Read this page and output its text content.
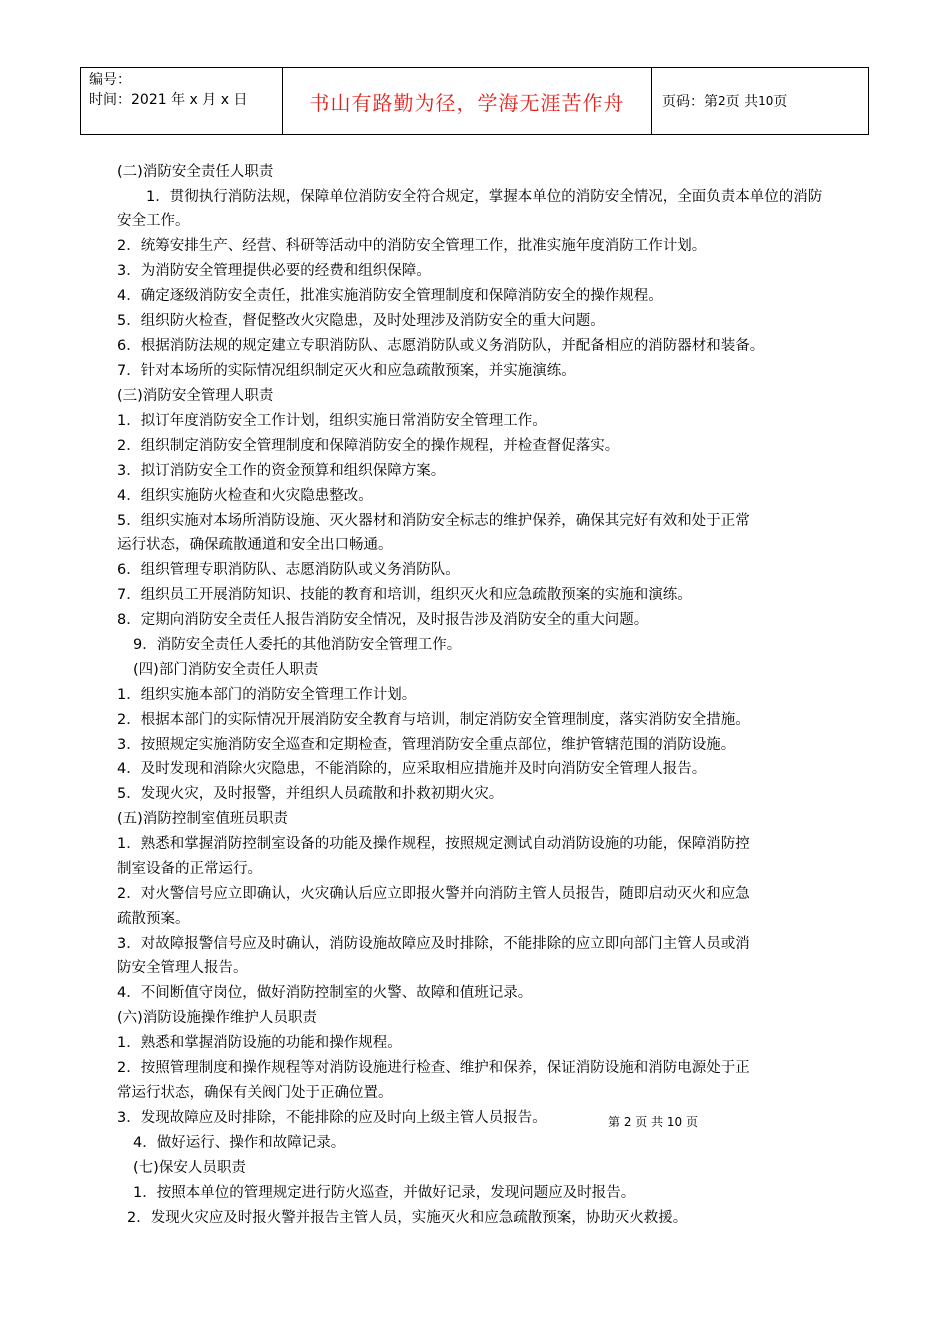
编号：
时间：2021 年 x 月 x 日	书山有路勤为径，学海无涯苦作舟	页码：第 2 页 共 10 页
(二)消防安全责任人职责
1．贯彻执行消防法规，保障单位消防安全符合规定，掌握本单位的消防安全情况，全面负责本单位的消防
安全工作。
2．统筹安排生产、经营、科研等活动中的消防安全管理工作，批准实施年度消防工作计划。
3．为消防安全管理提供必要的经费和组织保障。
4．确定逐级消防安全责任，批准实施消防安全管理制度和保障消防安全的操作规程。
5．组织防火检查，督促整改火灾隐患，及时处理涉及消防安全的重大问题。
6．根据消防法规的规定建立专职消防队、志愿消防队或义务消防队，并配备相应的消防器材和装备。
7．针对本场所的实际情况组织制定灭火和应急疏散预案，并实施演练。
(三)消防安全管理人职责
1．拟订年度消防安全工作计划，组织实施日常消防安全管理工作。
2．组织制定消防安全管理制度和保障消防安全的操作规程，并检查督促落实。
3．拟订消防安全工作的资金预算和组织保障方案。
4．组织实施防火检查和火灾隐患整改。
5．组织实施对本场所消防设施、灭火器材和消防安全标志的维护保养，确保其完好有效和处于正常
运行状态，确保疏散通道和安全出口畅通。
6．组织管理专职消防队、志愿消防队或义务消防队。
7．组织员工开展消防知识、技能的教育和培训，组织灭火和应急疏散预案的实施和演练。
8．定期向消防安全责任人报告消防安全情况，及时报告涉及消防安全的重大问题。
9．消防安全责任人委托的其他消防安全管理工作。
(四)部门消防安全责任人职责
1．组织实施本部门的消防安全管理工作计划。
2．根据本部门的实际情况开展消防安全教育与培训，制定消防安全管理制度，落实消防安全措施。
3．按照规定实施消防安全巡查和定期检查，管理消防安全重点部位，维护管辖范围的消防设施。
4．及时发现和消除火灾隐患，不能消除的，应采取相应措施并及时向消防安全管理人报告。
5．发现火灾，及时报警，并组织人员疏散和扑救初期火灾。
(五)消防控制室值班员职责
1．熟悉和掌握消防控制室设备的功能及操作规程，按照规定测试自动消防设施的功能，保障消防控
制室设备的正常运行。
2．对火警信号应立即确认，火灾确认后应立即报火警并向消防主管人员报告，随即启动灭火和应急
疏散预案。
3．对故障报警信号应及时确认，消防设施故障应及时排除，不能排除的应立即向部门主管人员或消
防安全管理人报告。
4．不间断值守岗位，做好消防控制室的火警、故障和值班记录。
(六)消防设施操作维护人员职责
1．熟悉和掌握消防设施的功能和操作规程。
2．按照管理制度和操作规程等对消防设施进行检查、维护和保养，保证消防设施和消防电源处于正
常运行状态，确保有关阀门处于正确位置。
3．发现故障应及时排除，不能排除的应及时向上级主管人员报告。
4．做好运行、操作和故障记录。
(七)保安人员职责
1．按照本单位的管理规定进行防火巡查，并做好记录，发现问题应及时报告。
2．发现火灾应及时报火警并报告主管人员，实施灭火和应急疏散预案，协助灭火救援。
第 2 页 共 10 页
